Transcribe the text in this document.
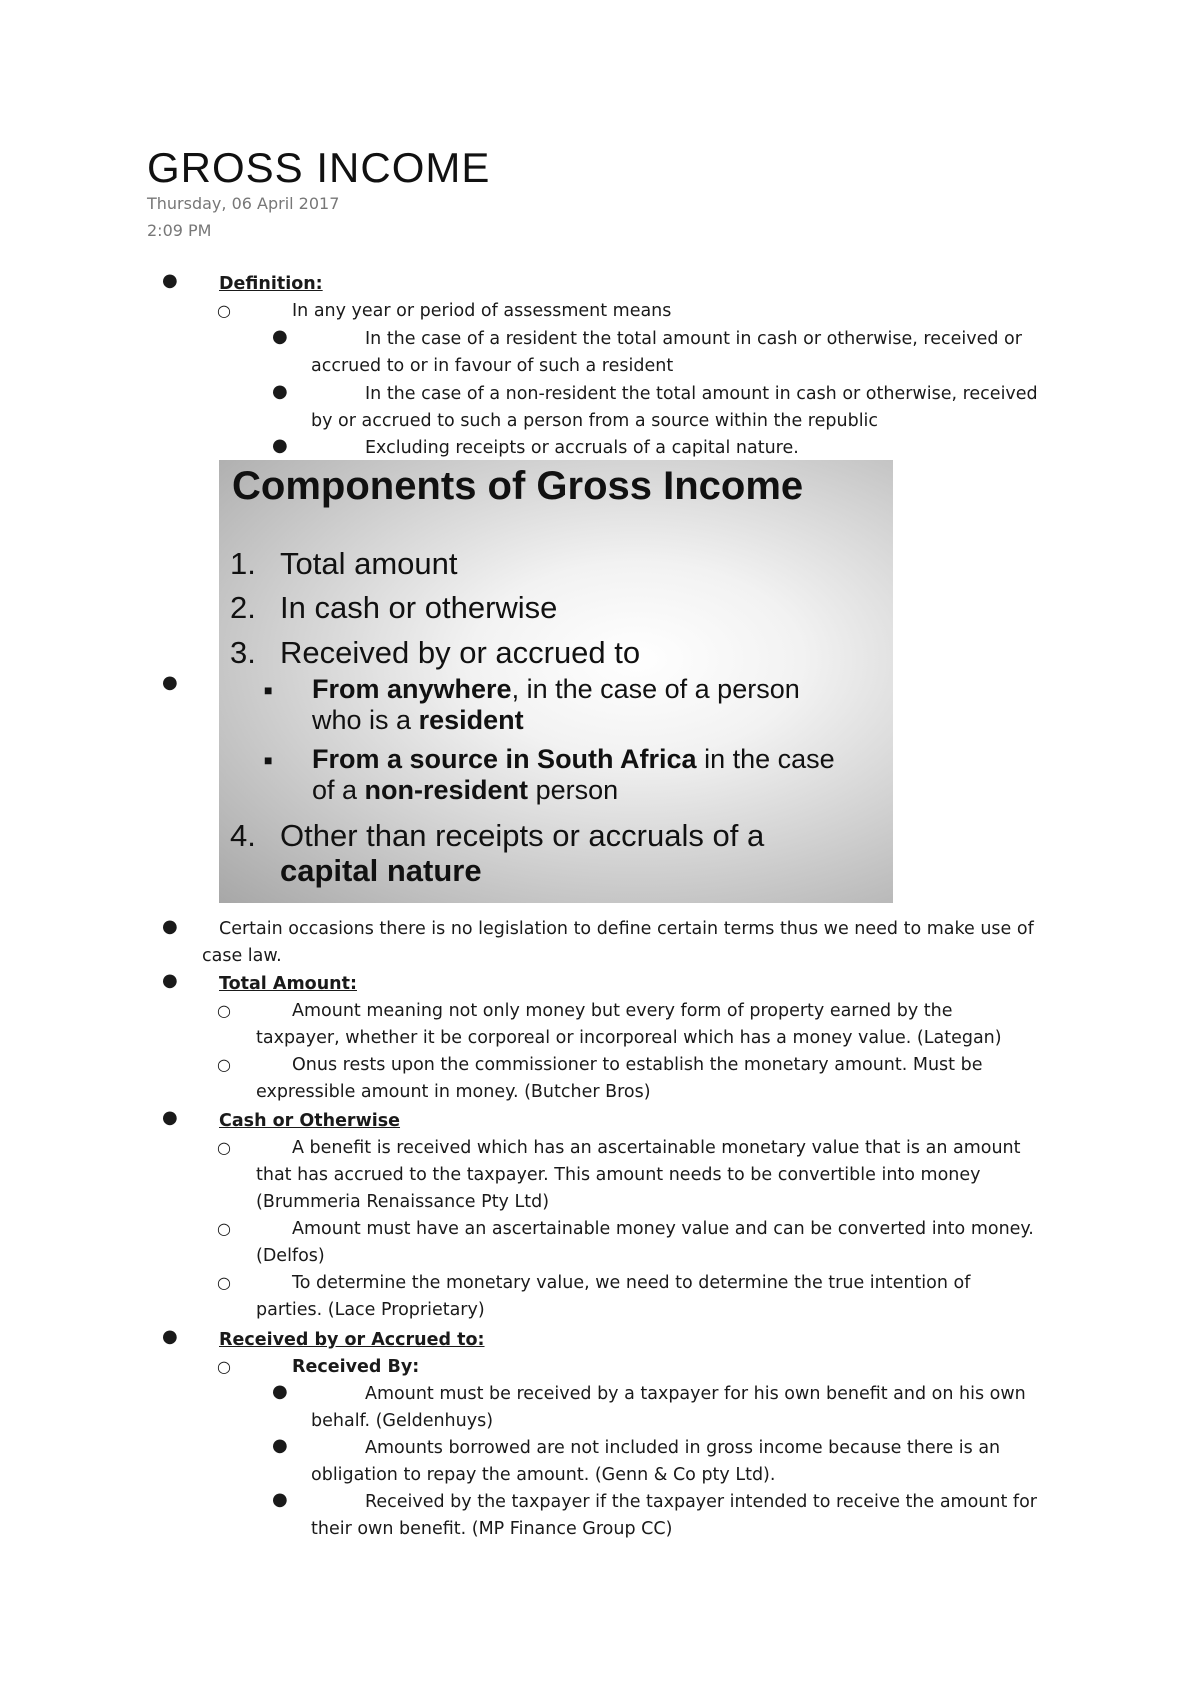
GROSS INCOME
Thursday, 06 April 2017
2:09 PM
● Definition:
○	In any year or period of assessment means
●	In the case of a resident the total amount in cash or otherwise, received or
accrued to or in favour of such a resident
●	In the case of a non-resident the total amount in cash or otherwise, received
by or accrued to such a person from a source within the republic
●	Excluding receipts or accruals of a capital nature.
●
Components of Gross Income
1. Total amount
2. In cash or otherwise
3. Received by or accrued to
■ From anywhere, in the case of a person
who is a resident
■ From a source in South Africa in the case
of a non-resident person
4. Other than receipts or accruals of a
capital nature
● Certain occasions there is no legislation to define certain terms thus we need to make use of
case law.
● Total Amount:
○	Amount meaning not only money but every form of property earned by the
taxpayer, whether it be corporeal or incorporeal which has a money value. (Lategan)
○	Onus rests upon the commissioner to establish the monetary amount. Must be
expressible amount in money. (Butcher Bros)
● Cash or Otherwise
○	A benefit is received which has an ascertainable monetary value that is an amount
that has accrued to the taxpayer. This amount needs to be convertible into money
(Brummeria Renaissance Pty Ltd)
○	Amount must have an ascertainable money value and can be converted into money.
(Delfos)
○	To determine the monetary value, we need to determine the true intention of
parties. (Lace Proprietary)
● Received by or Accrued to:
○	Received By:
●	Amount must be received by a taxpayer for his own benefit and on his own
behalf. (Geldenhuys)
●	Amounts borrowed are not included in gross income because there is an
obligation to repay the amount. (Genn & Co pty Ltd).
●	Received by the taxpayer if the taxpayer intended to receive the amount for
their own benefit. (MP Finance Group CC)
